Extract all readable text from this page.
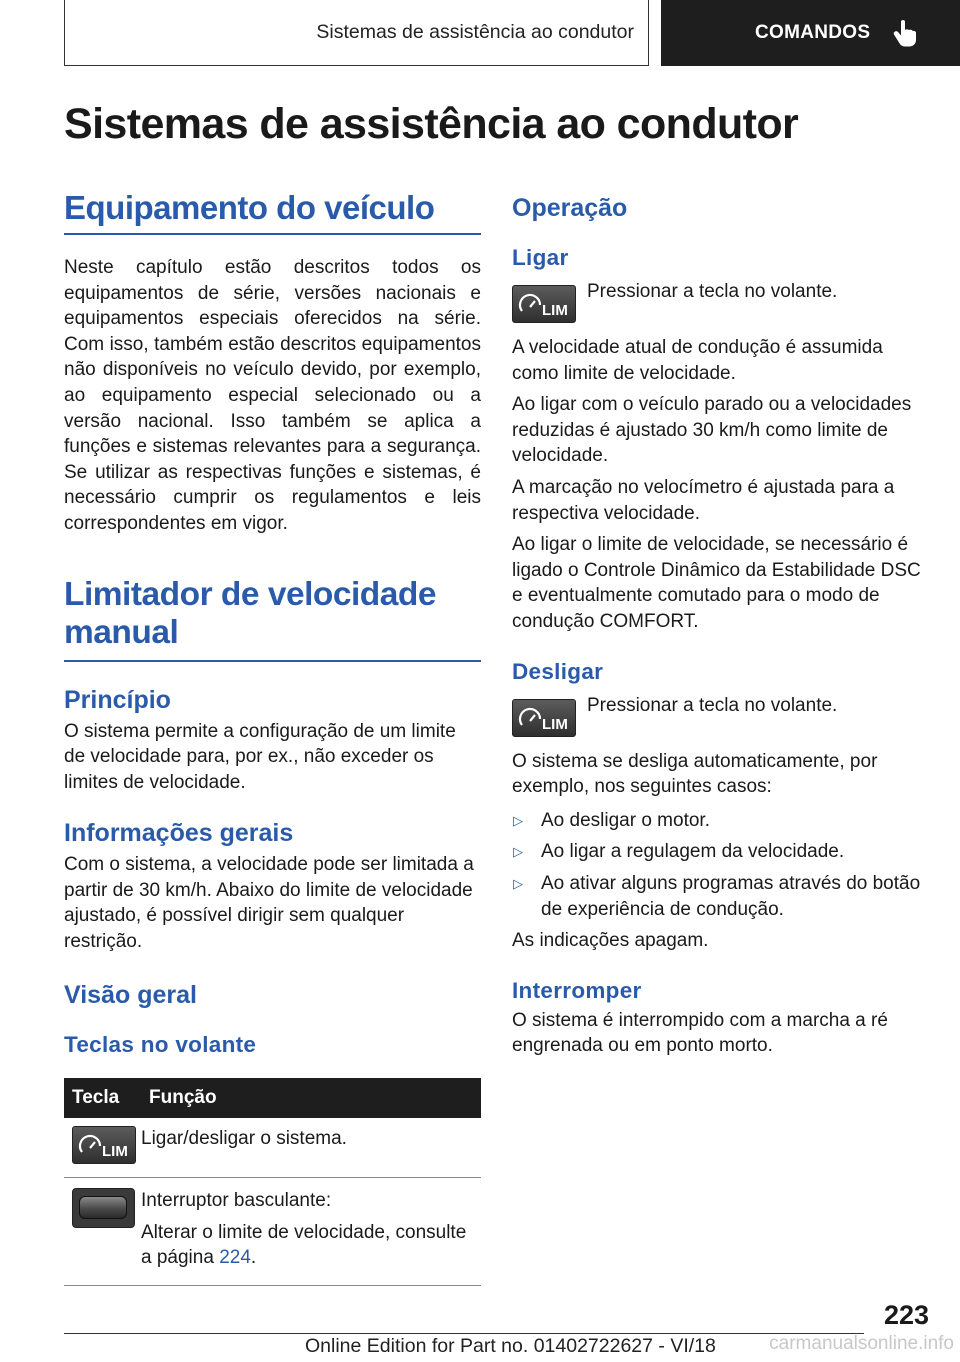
Sistemas de assistência ao condutor	COMANDOS
Sistemas de assistência ao condutor
Equipamento do veículo

Neste capítulo estão descritos todos os equipamentos de série, versões nacionais e equipamentos especiais oferecidos na série. Com isso, também estão descritos equipamentos não disponíveis no veículo devido, por exemplo, ao equipamento especial selecionado ou a versão nacional. Isso também se aplica a funções e sistemas relevantes para a segurança. Se utilizar as respectivas funções e sistemas, é necessário cumprir os regulamentos e leis correspondentes em vigor.

Limitador de velocidade manual
Princípio

O sistema permite a configuração de um limite de velocidade para, por ex., não exceder os limites de velocidade.

Informações gerais

Com o sistema, a velocidade pode ser limitada a partir de 30 km/h. Abaixo do limite de velocidade ajustado, é possível dirigir sem qualquer restrição.

Visão geral
Teclas no volante
Tecla	Função

LIM	Ligar/desligar o sistema.

	Interruptor basculante:

Alterar o limite de velocidade, consulte a página 224.

Operação
Ligar
LIM

Pressionar a tecla no volante.

A velocidade atual de condução é assumida como limite de velocidade.

Ao ligar com o veículo parado ou a velocidades reduzidas é ajustado 30 km/h como limite de velocidade.

A marcação no velocímetro é ajustada para a respectiva velocidade.

Ao ligar o limite de velocidade, se necessário é ligado o Controle Dinâmico da Estabilidade DSC e eventualmente comutado para o modo de condução COMFORT.

Desligar
LIM

Pressionar a tecla no volante.

O sistema se desliga automaticamente, por exemplo, nos seguintes casos:

▷ Ao desligar o motor.
▷ Ao ligar a regulagem da velocidade.
▷ Ao ativar alguns programas através do botão de experiência de condução.

As indicações apagam.

Interromper

O sistema é interrompido com a marcha a ré engrenada ou em ponto morto.

223
Online Edition for Part no. 01402722627 - VI/18	carmanualsonline.info
